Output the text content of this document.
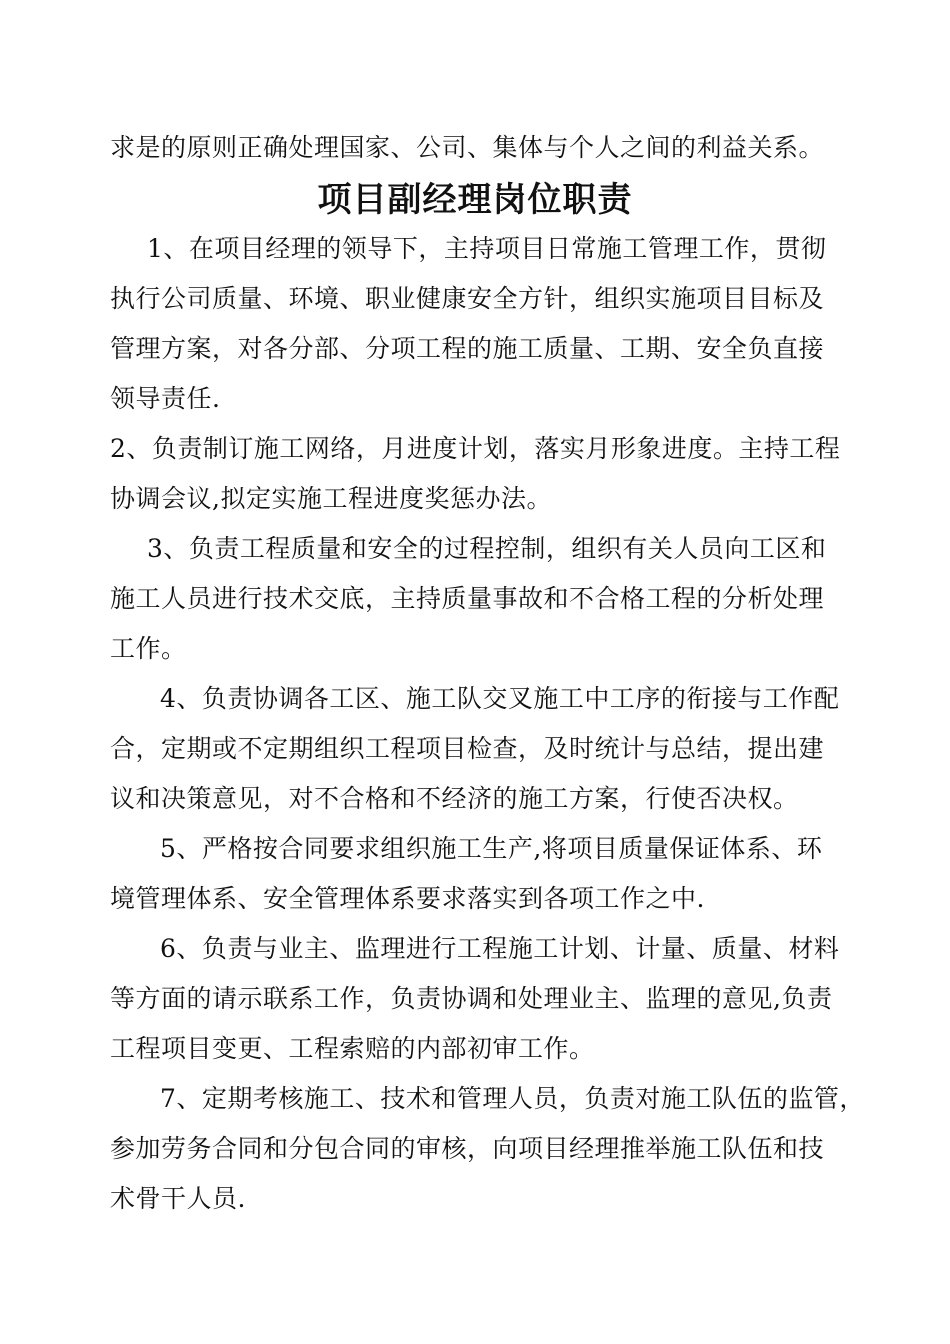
求是的原则正确处理国家、公司、集体与个人之间的利益关系。
项目副经理岗位职责
1、在项目经理的领导下，主持项目日常施工管理工作，贯彻
执行公司质量、环境、职业健康安全方针，组织实施项目目标及
管理方案，对各分部、分项工程的施工质量、工期、安全负直接
领导责任.
2、负责制订施工网络，月进度计划，落实月形象进度。主持工程
协调会议,拟定实施工程进度奖惩办法。
3、负责工程质量和安全的过程控制，组织有关人员向工区和
施工人员进行技术交底，主持质量事故和不合格工程的分析处理
工作。
4、负责协调各工区、施工队交叉施工中工序的衔接与工作配
合，定期或不定期组织工程项目检查，及时统计与总结，提出建
议和决策意见，对不合格和不经济的施工方案，行使否决权。
5、严格按合同要求组织施工生产,将项目质量保证体系、环
境管理体系、安全管理体系要求落实到各项工作之中.
6、负责与业主、监理进行工程施工计划、计量、质量、材料
等方面的请示联系工作，负责协调和处理业主、监理的意见,负责
工程项目变更、工程索赔的内部初审工作。
7、定期考核施工、技术和管理人员，负责对施工队伍的监管，
参加劳务合同和分包合同的审核，向项目经理推举施工队伍和技
术骨干人员.
